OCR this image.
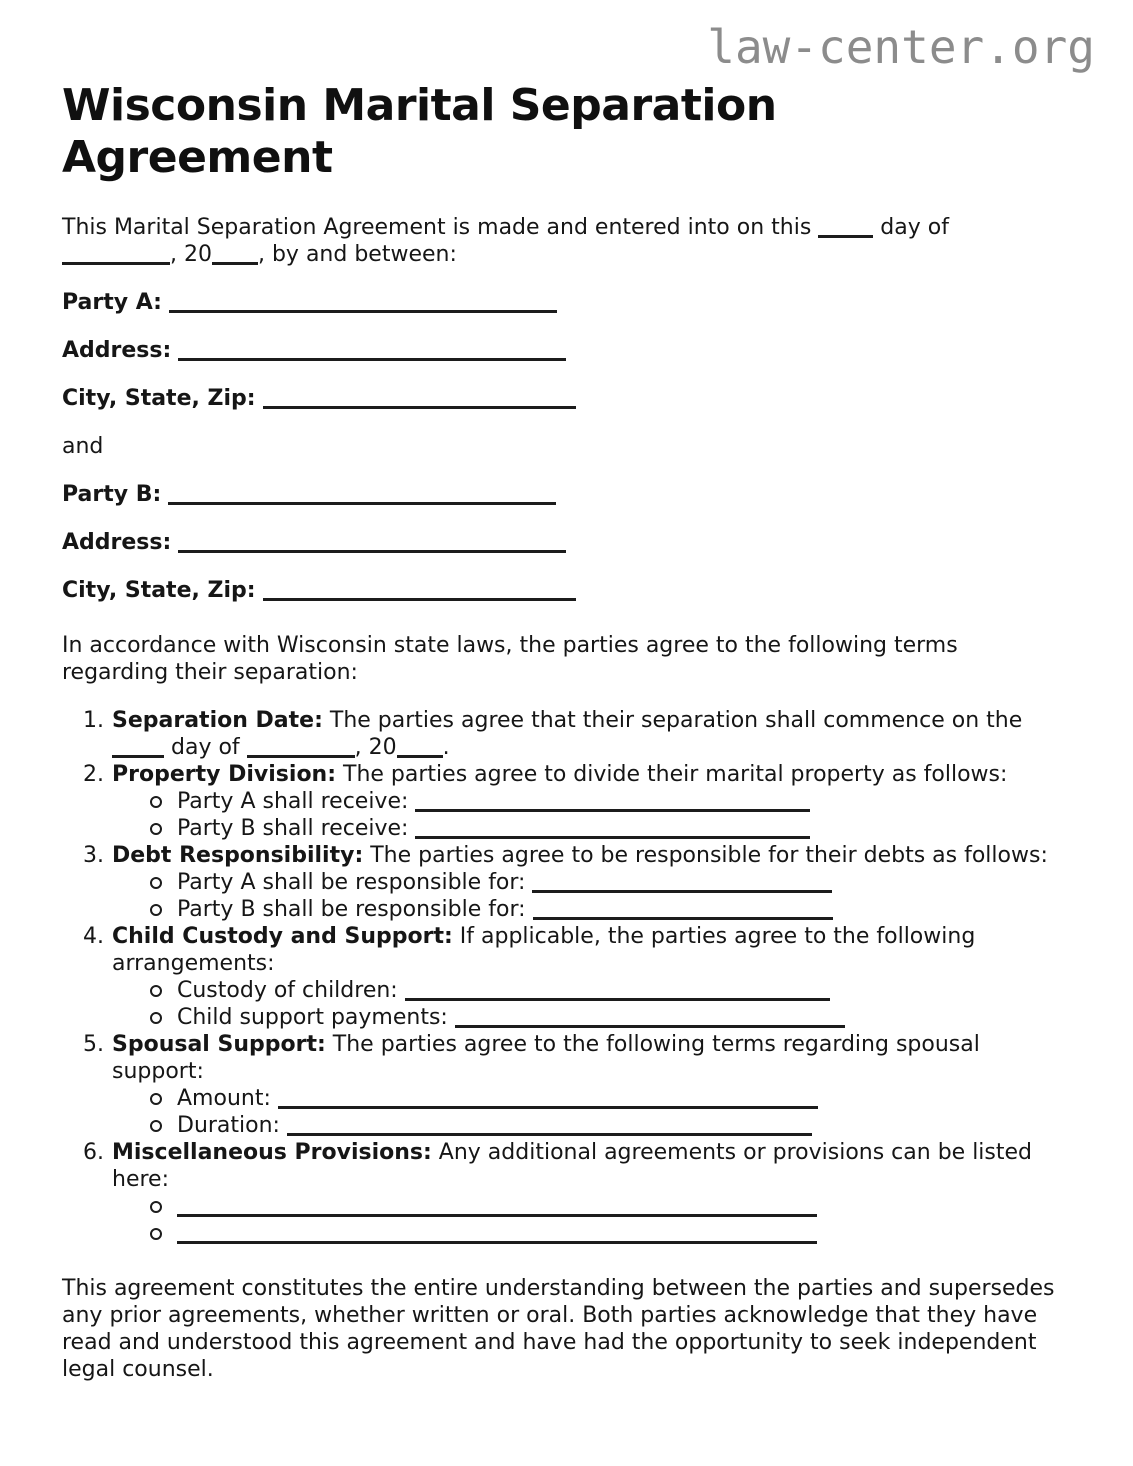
law-center.org
Wisconsin Marital Separation Agreement
This Marital Separation Agreement is made and entered into on this	day of
, 20 , by and between:
Party A:
Address:
City, State, Zip:
and
Party B:
Address:
City, State, Zip:
In accordance with Wisconsin state laws, the parties agree to the following terms
regarding their separation:
1. Separation Date: The parties agree that their separation shall commence on the
day of	, 20 .
2. Property Division: The parties agree to divide their marital property as follows:
Party A shall receive:
Party B shall receive:
3. Debt Responsibility: The parties agree to be responsible for their debts as follows:
Party A shall be responsible for:
Party B shall be responsible for:
4. Child Custody and Support: If applicable, the parties agree to the following
arrangements:
Custody of children:
Child support payments:
5. Spousal Support: The parties agree to the following terms regarding spousal
support:
Amount:
Duration:
6. Miscellaneous Provisions: Any additional agreements or provisions can be listed
here:
This agreement constitutes the entire understanding between the parties and supersedes
any prior agreements, whether written or oral. Both parties acknowledge that they have
read and understood this agreement and have had the opportunity to seek independent
legal counsel.
